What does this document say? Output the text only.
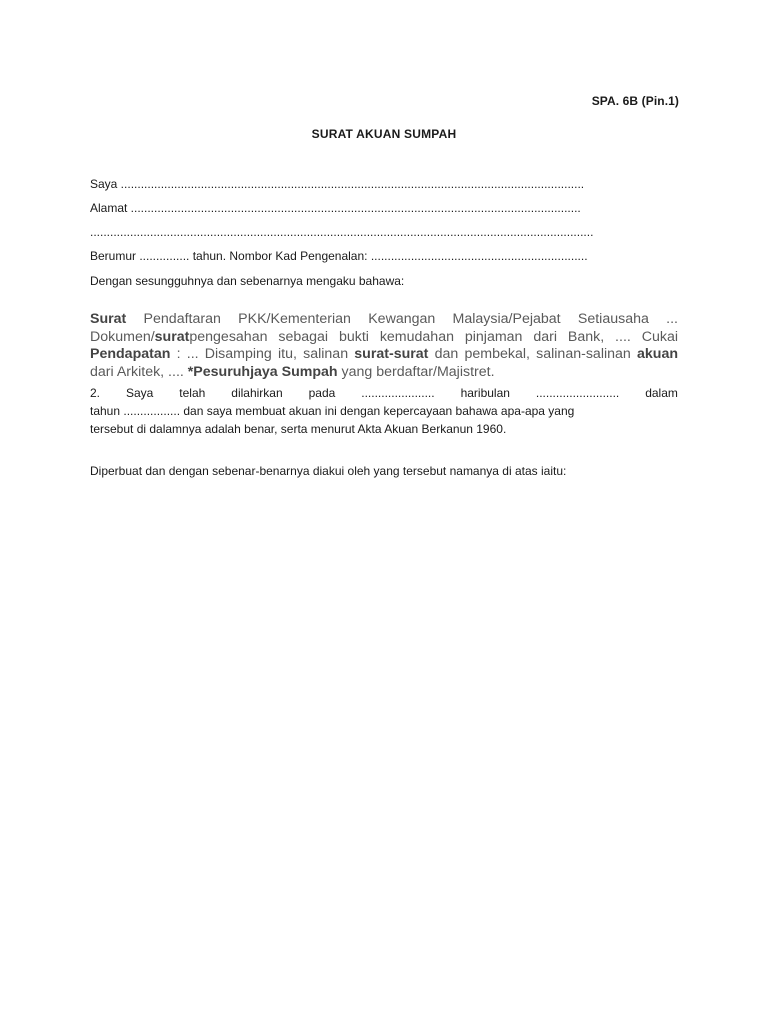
SPA. 6B (Pin.1)
SURAT AKUAN SUMPAH
Saya ...........................................................................................................................................
Alamat .......................................................................................................................................
.......................................................................................................................................................
Berumur ............... tahun. Nombor Kad Pengenalan: .................................................................
Dengan sesungguhnya dan sebenarnya mengaku bahawa:
Surat Pendaftaran PKK/Kementerian Kewangan Malaysia/Pejabat Setiausaha ... Dokumen/suratpengesahan sebagai bukti kemudahan pinjaman dari Bank, .... Cukai Pendapatan : ... Disamping itu, salinan surat-surat dan pembekal, salinan-salinan akuan dari Arkitek, .... *Pesuruhjaya Sumpah yang berdaftar/Majistret.
2. Saya telah dilahirkan pada ...................... haribulan ......................... dalam
tahun ................. dan saya membuat akuan ini dengan kepercayaan bahawa apa-apa yang
tersebut di dalamnya adalah benar, serta menurut Akta Akuan Berkanun 1960.
Diperbuat dan dengan sebenar-benarnya diakui oleh yang tersebut namanya di atas iaitu:
